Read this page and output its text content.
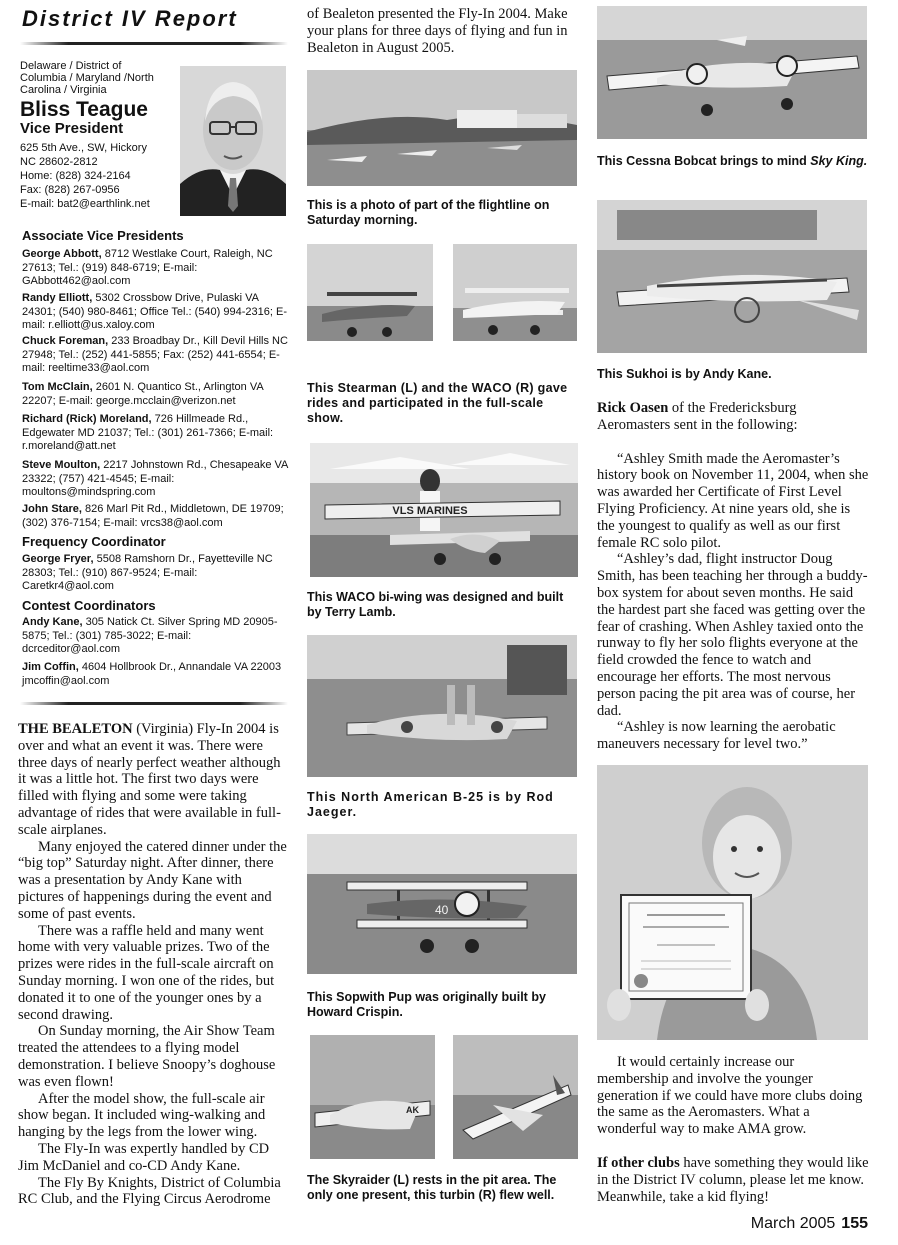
District IV Report
Delaware / District of Columbia / Maryland /North Carolina / Virginia
Bliss Teague
Vice President
625 5th Ave., SW, Hickory
NC 28602-2812
Home: (828) 324-2164
Fax: (828) 267-0956
E-mail: bat2@earthlink.net
Associate Vice Presidents
George Abbott, 8712 Westlake Court, Raleigh, NC 27613; Tel.: (919) 848-6719; E-mail: GAbbott462@aol.com
Randy Elliott, 5302 Crossbow Drive, Pulaski VA 24301; (540) 980-8461; Office Tel.: (540) 994-2316; E-mail: r.elliott@us.xaloy.com
Chuck Foreman, 233 Broadbay Dr., Kill Devil Hills NC 27948; Tel.: (252) 441-5855; Fax: (252) 441-6554; E-mail: reeltime33@aol.com
Tom McClain, 2601 N. Quantico St., Arlington VA 22207; E-mail: george.mcclain@verizon.net
Richard (Rick) Moreland, 726 Hillmeade Rd., Edgewater MD 21037; Tel.: (301) 261-7366; E-mail: r.moreland@att.net
Steve Moulton, 2217 Johnstown Rd., Chesapeake VA 23322; (757) 421-4545; E-mail: moultons@mindspring.com
John Stare, 826 Marl Pit Rd., Middletown, DE 19709; (302) 376-7154; E-mail: vrcs38@aol.com
Frequency Coordinator
George Fryer, 5508 Ramshorn Dr., Fayetteville NC 28303; Tel.: (910) 867-9524; E-mail: Caretkr4@aol.com
Contest Coordinators
Andy Kane, 305 Natick Ct. Silver Spring MD 20905-5875; Tel.: (301) 785-3022; E-mail: dcrceditor@aol.com
Jim Coffin, 4604 Hollbrook Dr., Annandale VA 22003 jmcoffin@aol.com

THE BEALETON (Virginia) Fly-In 2004 is over and what an event it was. There were three days of nearly perfect weather although it was a little hot. The first two days were filled with flying and some were taking advantage of rides that were available in full-scale airplanes.

Many enjoyed the catered dinner under the “big top” Saturday night. After dinner, there was a presentation by Andy Kane with pictures of happenings during the event and some of past events.

There was a raffle held and many went home with very valuable prizes. Two of the prizes were rides in the full-scale aircraft on Sunday morning. I won one of the rides, but donated it to one of the younger ones by a second drawing.

On Sunday morning, the Air Show Team treated the attendees to a flying model demonstration. I believe Snoopy’s doghouse was even flown!

After the model show, the full-scale air show began. It included wing-walking and hanging by the legs from the lower wing.

The Fly-In was expertly handled by CD Jim McDaniel and co-CD Andy Kane.

The Fly By Knights, District of Columbia RC Club, and the Flying Circus Aerodrome

of Bealeton presented the Fly-In 2004. Make your plans for three days of flying and fun in Bealeton in August 2005.
This is a photo of part of the flightline on Saturday morning.
This Stearman (L) and the WACO (R) gave rides and participated in the full-scale show.
VLS MARINES
This WACO bi-wing was designed and built by Terry Lamb.
This North American B-25 is by Rod Jaeger.
40
This Sopwith Pup was originally built by Howard Crispin.
AK
The Skyraider (L) rests in the pit area. The only one present, this turbin (R) flew well.
This Cessna Bobcat brings to mind Sky King.
This Sukhoi is by Andy Kane.

Rick Oasen of the Fredericksburg Aeromasters sent in the following:

“Ashley Smith made the Aeromaster’s history book on November 11, 2004, when she was awarded her Certificate of First Level Flying Proficiency. At nine years old, she is the youngest to qualify as well as our first female RC solo pilot.

“Ashley’s dad, flight instructor Doug Smith, has been teaching her through a buddy-box system for about seven months. He said the hardest part she faced was getting over the fear of crashing. When Ashley taxied onto the runway to fly her solo flights everyone at the field crowded the fence to watch and encourage her efforts. The most nervous person pacing the pit area was of course, her dad.

“Ashley is now learning the aerobatic maneuvers necessary for level two.”

It would certainly increase our membership and involve the younger generation if we could have more clubs doing the same as the Aeromasters. What a wonderful way to make AMA grow.

If other clubs have something they would like in the District IV column, please let me know. Meanwhile, take a kid flying!

March 2005 155
